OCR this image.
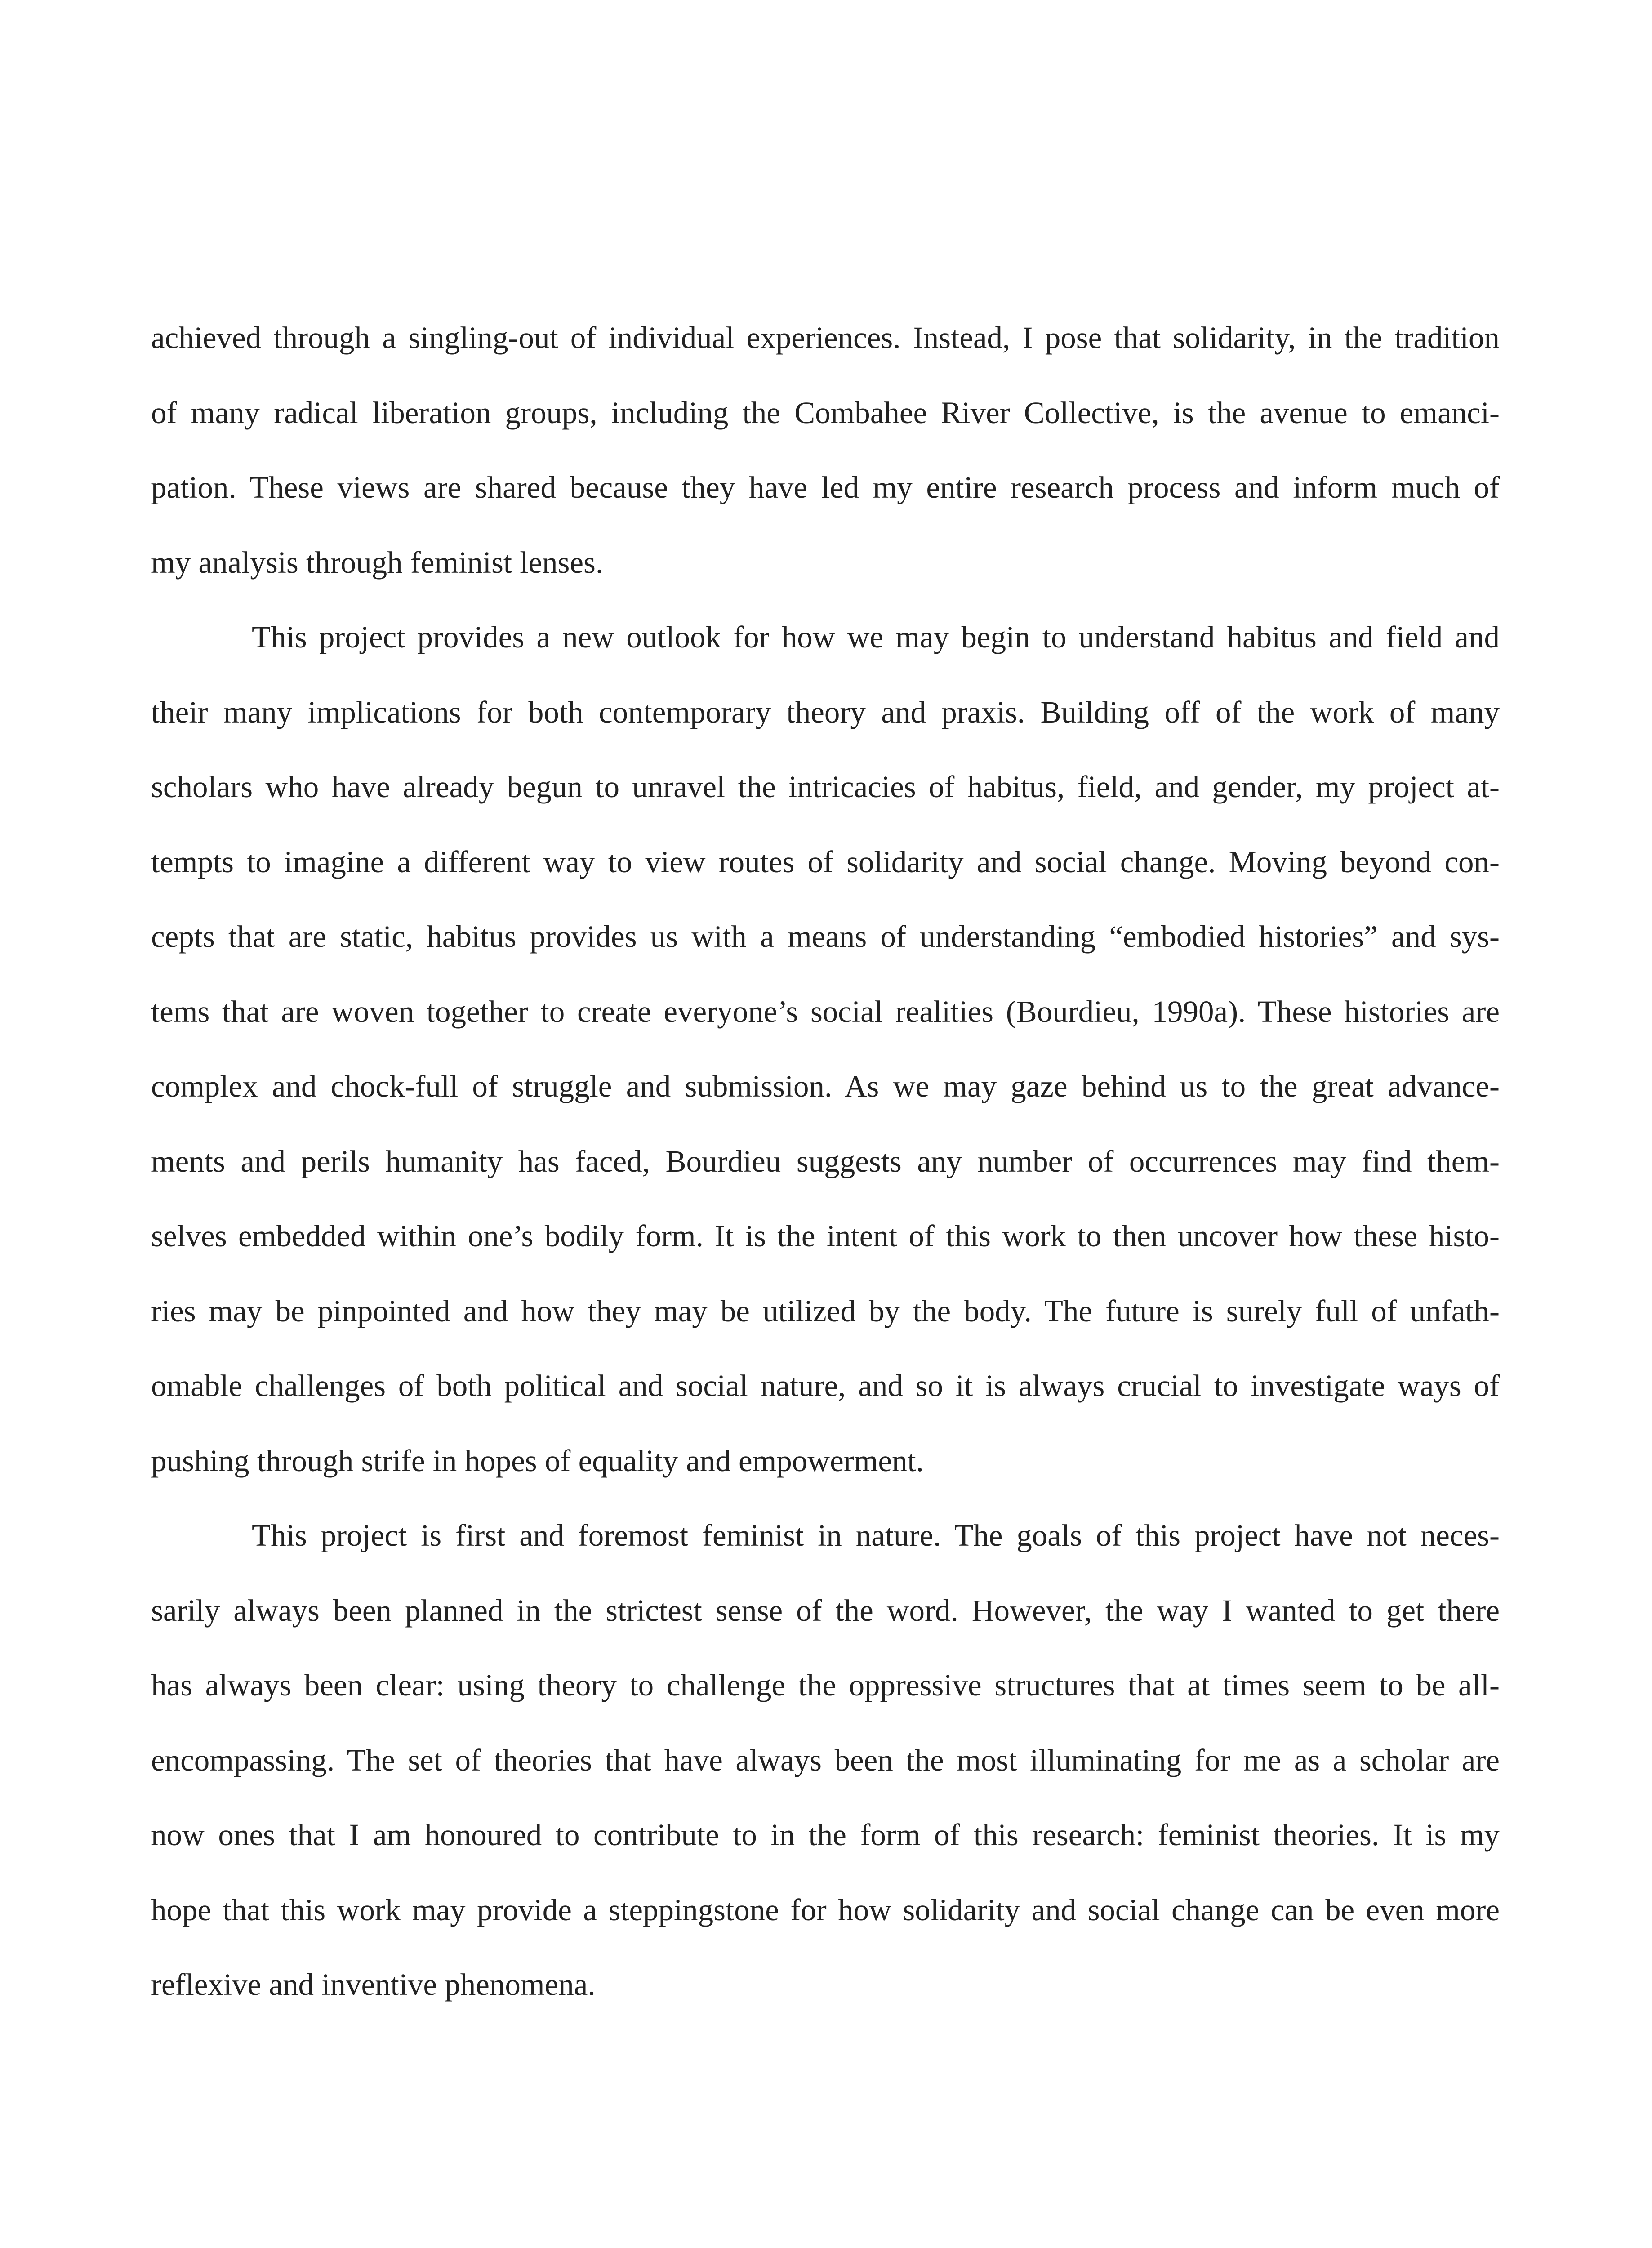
achieved through a singling-out of individual experiences. Instead, I pose that solidarity, in the tradition
of many radical liberation groups, including the Combahee River Collective, is the avenue to emanci-
pation. These views are shared because they have led my entire research process and inform much of
my analysis through feminist lenses.
This project provides a new outlook for how we may begin to understand habitus and field and
their many implications for both contemporary theory and praxis. Building off of the work of many
scholars who have already begun to unravel the intricacies of habitus, field, and gender, my project at-
tempts to imagine a different way to view routes of solidarity and social change. Moving beyond con-
cepts that are static, habitus provides us with a means of understanding “embodied histories” and sys-
tems that are woven together to create everyone’s social realities (Bourdieu, 1990a). These histories are
complex and chock-full of struggle and submission. As we may gaze behind us to the great advance-
ments and perils humanity has faced, Bourdieu suggests any number of occurrences may find them-
selves embedded within one’s bodily form. It is the intent of this work to then uncover how these histo-
ries may be pinpointed and how they may be utilized by the body. The future is surely full of unfath-
omable challenges of both political and social nature, and so it is always crucial to investigate ways of
pushing through strife in hopes of equality and empowerment.
This project is first and foremost feminist in nature. The goals of this project have not neces-
sarily always been planned in the strictest sense of the word. However, the way I wanted to get there
has always been clear: using theory to challenge the oppressive structures that at times seem to be all-
encompassing. The set of theories that have always been the most illuminating for me as a scholar are
now ones that I am honoured to contribute to in the form of this research: feminist theories. It is my
hope that this work may provide a steppingstone for how solidarity and social change can be even more
reflexive and inventive phenomena.
